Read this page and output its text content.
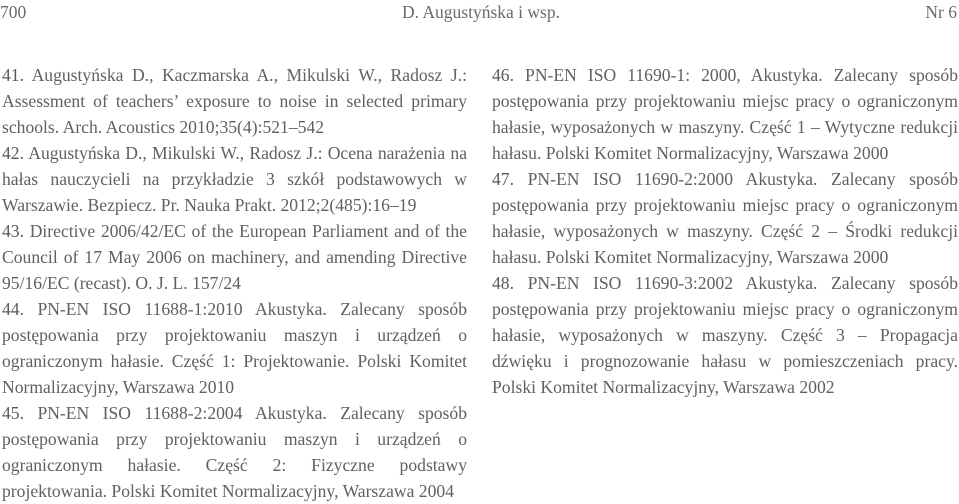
700	D. Augustyńska i wsp.	Nr 6

41. Augustyńska D., Kaczmarska A., Mikulski W., Radosz J.: Assessment of teachers’ exposure to noise in selected primary schools. Arch. Acoustics 2010;35(4):521–542

42. Augustyńska D., Mikulski W., Radosz J.: Ocena narażenia na hałas nauczycieli na przykładzie 3 szkół podstawowych w Warszawie. Bezpiecz. Pr. Nauka Prakt. 2012;2(485):16–19

43. Directive 2006/42/EC of the European Parliament and of the Council of 17 May 2006 on machinery, and amending Directive 95/16/EC (recast). O. J. L. 157/24

44. PN-EN ISO 11688-1:2010 Akustyka. Zalecany sposób postępowania przy projektowaniu maszyn i urządzeń o ograniczonym hałasie. Część 1: Projektowanie. Polski Komitet Normalizacyjny, Warszawa 2010

45. PN-EN ISO 11688-2:2004 Akustyka. Zalecany sposób postępowania przy projektowaniu maszyn i urządzeń o ograniczonym hałasie. Część 2: Fizyczne podstawy projektowania. Polski Komitet Normalizacyjny, Warszawa 2004

46. PN-EN ISO 11690-1: 2000, Akustyka. Zalecany sposób postępowania przy projektowaniu miejsc pracy o ograniczonym hałasie, wyposażonych w maszyny. Część 1 – Wytyczne redukcji hałasu. Polski Komitet Normalizacyjny, Warszawa 2000

47. PN-EN ISO 11690-2:2000 Akustyka. Zalecany sposób postępowania przy projektowaniu miejsc pracy o ograniczonym hałasie, wyposażonych w maszyny. Część 2 – Środki redukcji hałasu. Polski Komitet Normalizacyjny, Warszawa 2000

48. PN-EN ISO 11690-3:2002 Akustyka. Zalecany sposób postępowania przy projektowaniu miejsc pracy o ograniczonym hałasie, wyposażonych w maszyny. Część 3 – Propagacja dźwięku i prognozowanie hałasu w pomieszczeniach pracy. Polski Komitet Normalizacyjny, Warszawa 2002
